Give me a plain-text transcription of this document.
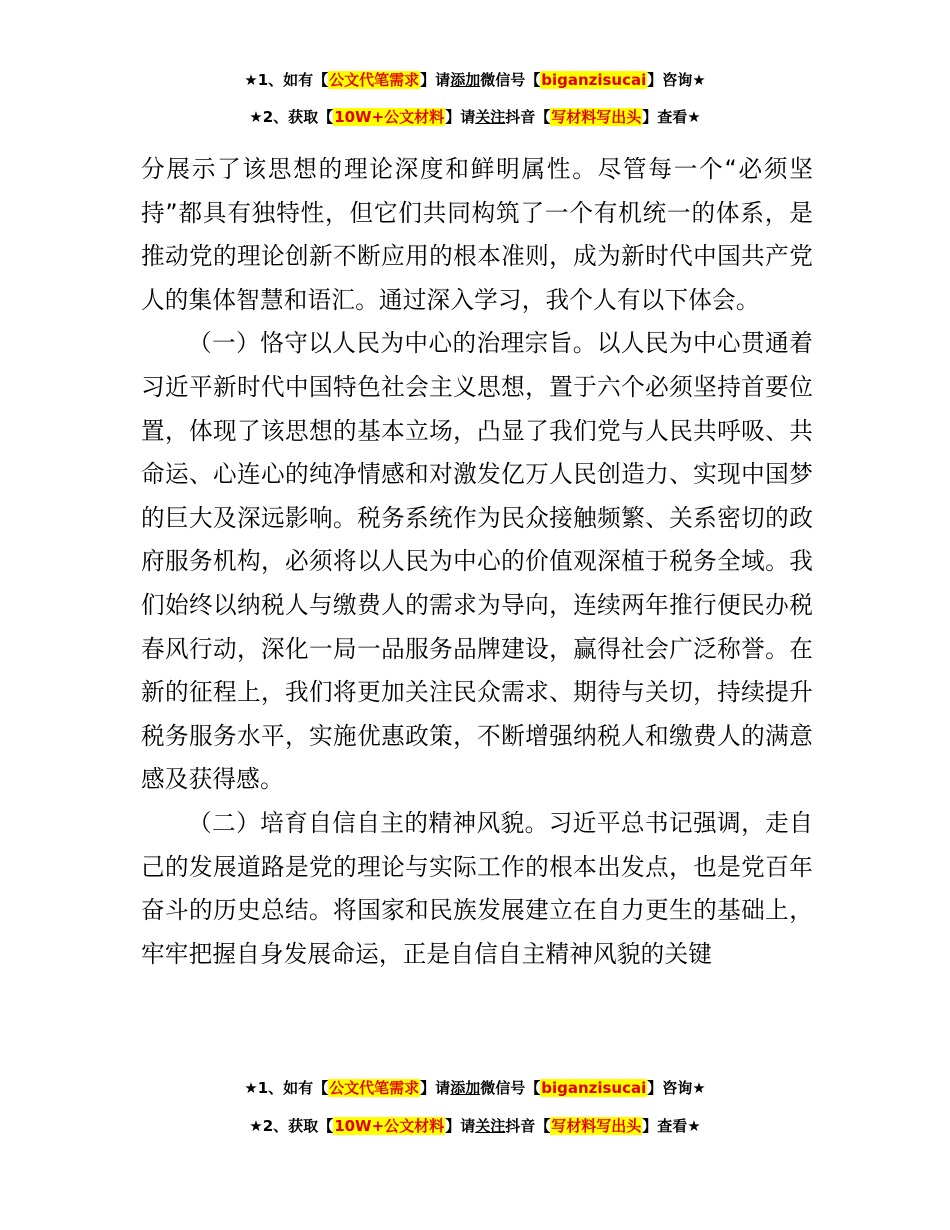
★1、如有【公文代笔需求】请添加微信号【biganzisucai】咨询★
★2、获取【10W+公文材料】请关注抖音【写材料写出头】查看★

分展示了该思想的理论深度和鲜明属性。尽管每一个“必须坚持”都具有独特性，但它们共同构筑了一个有机统一的体系，是推动党的理论创新不断应用的根本准则，成为新时代中国共产党人的集体智慧和语汇。通过深入学习，我个人有以下体会。

（一）恪守以人民为中心的治理宗旨。以人民为中心贯通着习近平新时代中国特色社会主义思想，置于六个必须坚持首要位置，体现了该思想的基本立场，凸显了我们党与人民共呼吸、共命运、心连心的纯净情感和对激发亿万人民创造力、实现中国梦的巨大及深远影响。税务系统作为民众接触频繁、关系密切的政府服务机构，必须将以人民为中心的价值观深植于税务全域。我们始终以纳税人与缴费人的需求为导向，连续两年推行便民办税春风行动，深化一局一品服务品牌建设，赢得社会广泛称誉。在新的征程上，我们将更加关注民众需求、期待与关切，持续提升税务服务水平，实施优惠政策，不断增强纳税人和缴费人的满意感及获得感。

（二）培育自信自主的精神风貌。习近平总书记强调，走自己的发展道路是党的理论与实际工作的根本出发点，也是党百年奋斗的历史总结。将国家和民族发展建立在自力更生的基础上，牢牢把握自身发展命运，正是自信自主精神风貌的关键

★1、如有【公文代笔需求】请添加微信号【biganzisucai】咨询★
★2、获取【10W+公文材料】请关注抖音【写材料写出头】查看★
